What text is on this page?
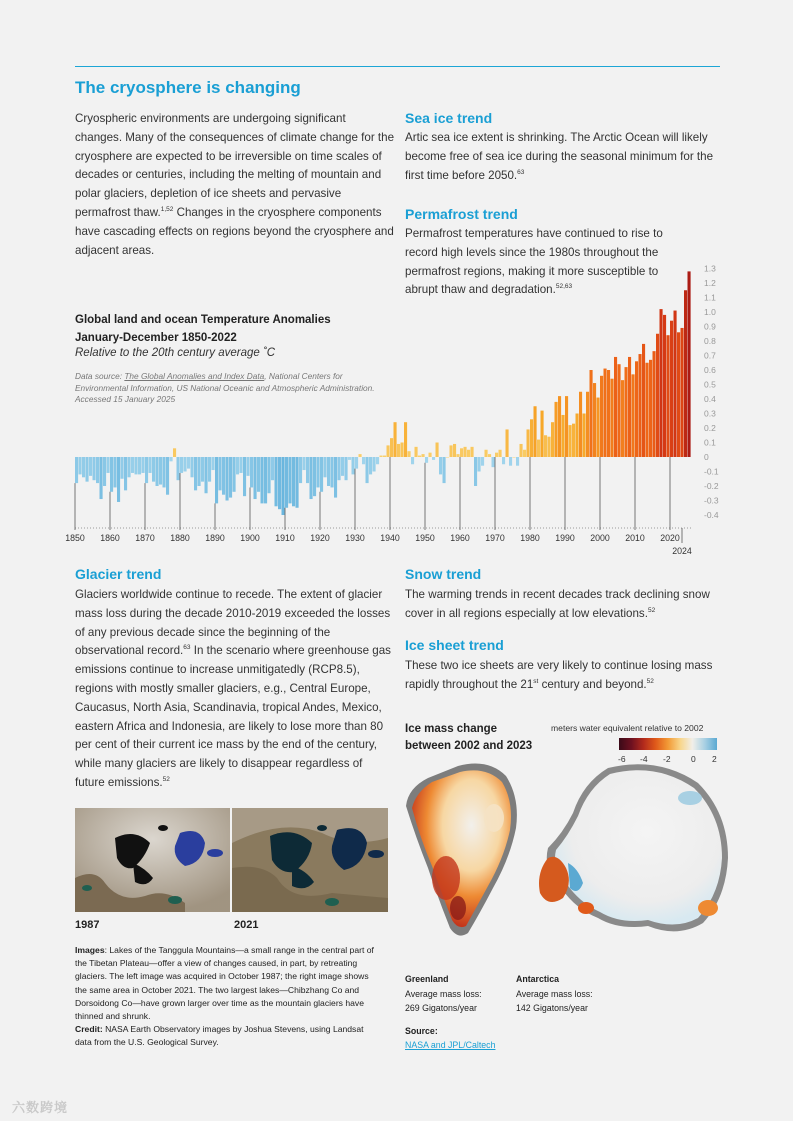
The cryosphere is changing

Cryospheric environments are undergoing significant changes. Many of the consequences of climate change for the cryosphere are expected to be irreversible on time scales of decades or centuries, including the melting of mountain and polar glaciers, depletion of ice sheets and pervasive permafrost thaw.$^{1,52}$ Changes in the cryosphere components have cascading effects on regions beyond the cryosphere and adjacent areas.

Sea ice trend

Artic sea ice extent is shrinking. The Arctic Ocean will likely become free of sea ice during the seasonal minimum for the first time before 2050.63

Permafrost trend

Permafrost temperatures have continued to rise to record high levels since the 1980s throughout the permafrost regions, making it more susceptible to abrupt thaw and degradation.$^{52,63}$

Global land and ocean Temperature Anomalies
January-December 1850-2022
Relative to the 20th century average ˚C
Data source: The Global Anomalies and Index Data, National Centers for Environmental Information, US National Oceanic and Atmospheric Administration. Accessed 15 January 2025
1850 1860 1870 1880 1890 1900 1910 1920 1930 1940 1950 1960 1970 1980 1990 2000 2010 2020
2024
1.3
1.2
1.1
1.0
0.9
0.8
0.7
0.6
0.5
0.4
0.3
0.2
0.1
0
-0.1
-0.2
-0.3
-0.4
Glacier trend

Glaciers worldwide continue to recede. The extent of glacier mass loss during the decade 2010-2019 exceeded the losses of any previous decade since the beginning of the observational record.$^{63}$ In the scenario where greenhouse gas emissions continue to increase unmitigatedly (RCP8.5), regions with mostly smaller glaciers, e.g., Central Europe, Caucasus, North Asia, Scandinavia, tropical Andes, Mexico, eastern Africa and Indonesia, are likely to lose more than 80 per cent of their current ice mass by the end of the century, while many glaciers are likely to disappear regardless of future emissions.$^{52}$

Snow trend

The warming trends in recent decades track declining snow cover in all regions especially at low elevations.$^{52}$

Ice sheet trend

These two ice sheets are very likely to continue losing mass rapidly throughout the 21st century and beyond.$^{52}$

1987	2021
Images: Lakes of the Tanggula Mountains—a small range in the central part of the Tibetan Plateau—offer a view of changes caused, in part, by retreating glaciers. The left image was acquired in October 1987; the right image shows the same area in October 2021. The two largest lakes—Chibzhang Co and Dorsoidong Co—have grown larger over time as the mountain glaciers have thinned and shrunk.
Credit: NASA Earth Observatory images by Joshua Stevens, using Landsat data from the U.S. Geological Survey.
Ice mass change
between 2002 and 2023
meters water equivalent relative to 2002
-6 -4 -2 0 2
Greenland
Average mass loss:
269 Gigatons/year
Antarctica
Average mass loss:
142 Gigatons/year
Source:
NASA and JPL/Caltech
六数跨境
